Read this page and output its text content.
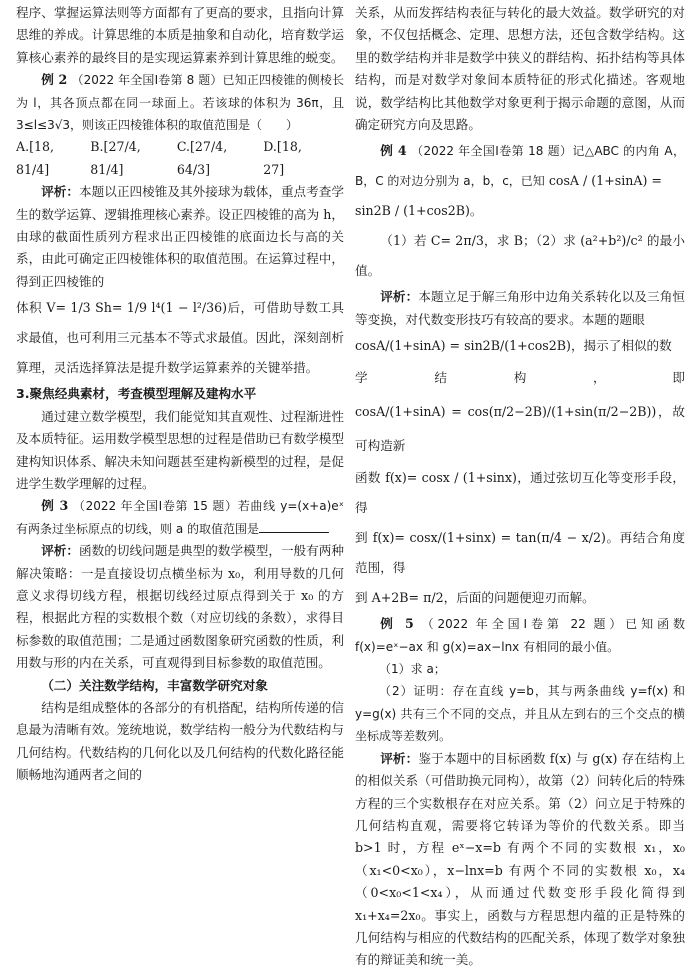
程序、掌握运算法则等方面都有了更高的要求，且指向计算思维的养成。计算思维的本质是抽象和自动化，培育数学运算核心素养的最终目的是实现运算素养到计算思维的蜕变。

例 2 （2022 年全国Ⅰ卷第 8 题）已知正四棱锥的侧棱长为 l，其各顶点都在同一球面上。若该球的体积为 36π，且 3≤l≤3√3，则该正四棱锥体积的取值范围是（　　）

A.[18, 81/4]
B.[27/4, 81/4]
C.[27/4, 64/3]
D.[18, 27]

评析：本题以正四棱锥及其外接球为载体，重点考查学生的数学运算、逻辑推理核心素养。设正四棱锥的高为 h，由球的截面性质列方程求出正四棱锥的底面边长与高的关系，由此可确定正四棱锥体积的取值范围。在运算过程中，得到正四棱锥的

体积 V= 1/3 Sh= 1/9 l⁴(1 − l²/36)后，可借助导数工具求最值，也可利用三元基本不等式求最值。因此，深刻剖析算理，灵活选择算法是提升数学运算素养的关键举措。

3.聚焦经典素材，考查模型理解及建构水平

通过建立数学模型，我们能觉知其直观性、过程渐进性及本质特征。运用数学模型思想的过程是借助已有数学模型建构知识体系、解决未知问题甚至建构新模型的过程，是促进学生数学理解的过程。

例 3 （2022 年全国Ⅰ卷第 15 题）若曲线 y=(x+a)eˣ 有两条过坐标原点的切线，则 a 的取值范围是

评析：函数的切线问题是典型的数学模型，一般有两种解决策略：一是直接设切点横坐标为 x₀，利用导数的几何意义求得切线方程，根据切线经过原点得到关于 x₀ 的方程，根据此方程的实数根个数（对应切线的条数），求得目标参数的取值范围；二是通过函数图象研究函数的性质，利用数与形的内在关系，可直观得到目标参数的取值范围。

（二）关注数学结构，丰富数学研究对象

结构是组成整体的各部分的有机搭配，结构所传递的信息最为清晰有效。笼统地说，数学结构一般分为代数结构与几何结构。代数结构的几何化以及几何结构的代数化路径能顺畅地沟通两者之间的

关系，从而发挥结构表征与转化的最大效益。数学研究的对象，不仅包括概念、定理、思想方法，还包含数学结构。这里的数学结构并非是数学中狭义的群结构、拓扑结构等具体结构，而是对数学对象间本质特征的形式化描述。客观地说，数学结构比其他数学对象更利于揭示命题的意图，从而确定研究方向及思路。

例 4 （2022 年全国Ⅰ卷第 18 题）记△ABC 的内角 A，B，C 的对边分别为 a，b，c，已知 cosA / (1+sinA) =

sin2B / (1+cos2B)。

（1）若 C= 2π/3，求 B；（2）求 (a²+b²)/c² 的最小值。

评析：本题立足于解三角形中边角关系转化以及三角恒等变换，对代数变形技巧有较高的要求。本题的题眼

cosA/(1+sinA) = sin2B/(1+cos2B)，揭示了相似的数

学结构，即 cosA/(1+sinA) = cos(π/2−2B)/(1+sin(π/2−2B))，故可构造新

函数 f(x)= cosx / (1+sinx)，通过弦切互化等变形手段，得

到 f(x)= cosx/(1+sinx) = tan(π/4 − x/2)。再结合角度范围，得

到 A+2B= π/2，后面的问题便迎刃而解。

例 5 （2022 年全国Ⅰ卷第 22 题）已知函数 f(x)=eˣ−ax 和 g(x)=ax−lnx 有相同的最小值。

（1）求 a；

（2）证明：存在直线 y=b，其与两条曲线 y=f(x) 和 y=g(x) 共有三个不同的交点，并且从左到右的三个交点的横坐标成等差数列。

评析：鉴于本题中的目标函数 f(x) 与 g(x) 存在结构上的相似关系（可借助换元同构），故第（2）问转化后的特殊方程的三个实数根存在对应关系。第（2）问立足于特殊的几何结构直观，需要将它转译为等价的代数关系。即当 b>1 时，方程 eˣ−x=b 有两个不同的实数根 x₁，x₀（x₁<0<x₀），x−lnx=b 有两个不同的实数根 x₀，x₄（0<x₀<1<x₄），从而通过代数变形手段化简得到 x₁+x₄=2x₀。事实上，函数与方程思想内蕴的正是特殊的几何结构与相应的代数结构的匹配关系，体现了数学对象独有的辩证美和统一美。
